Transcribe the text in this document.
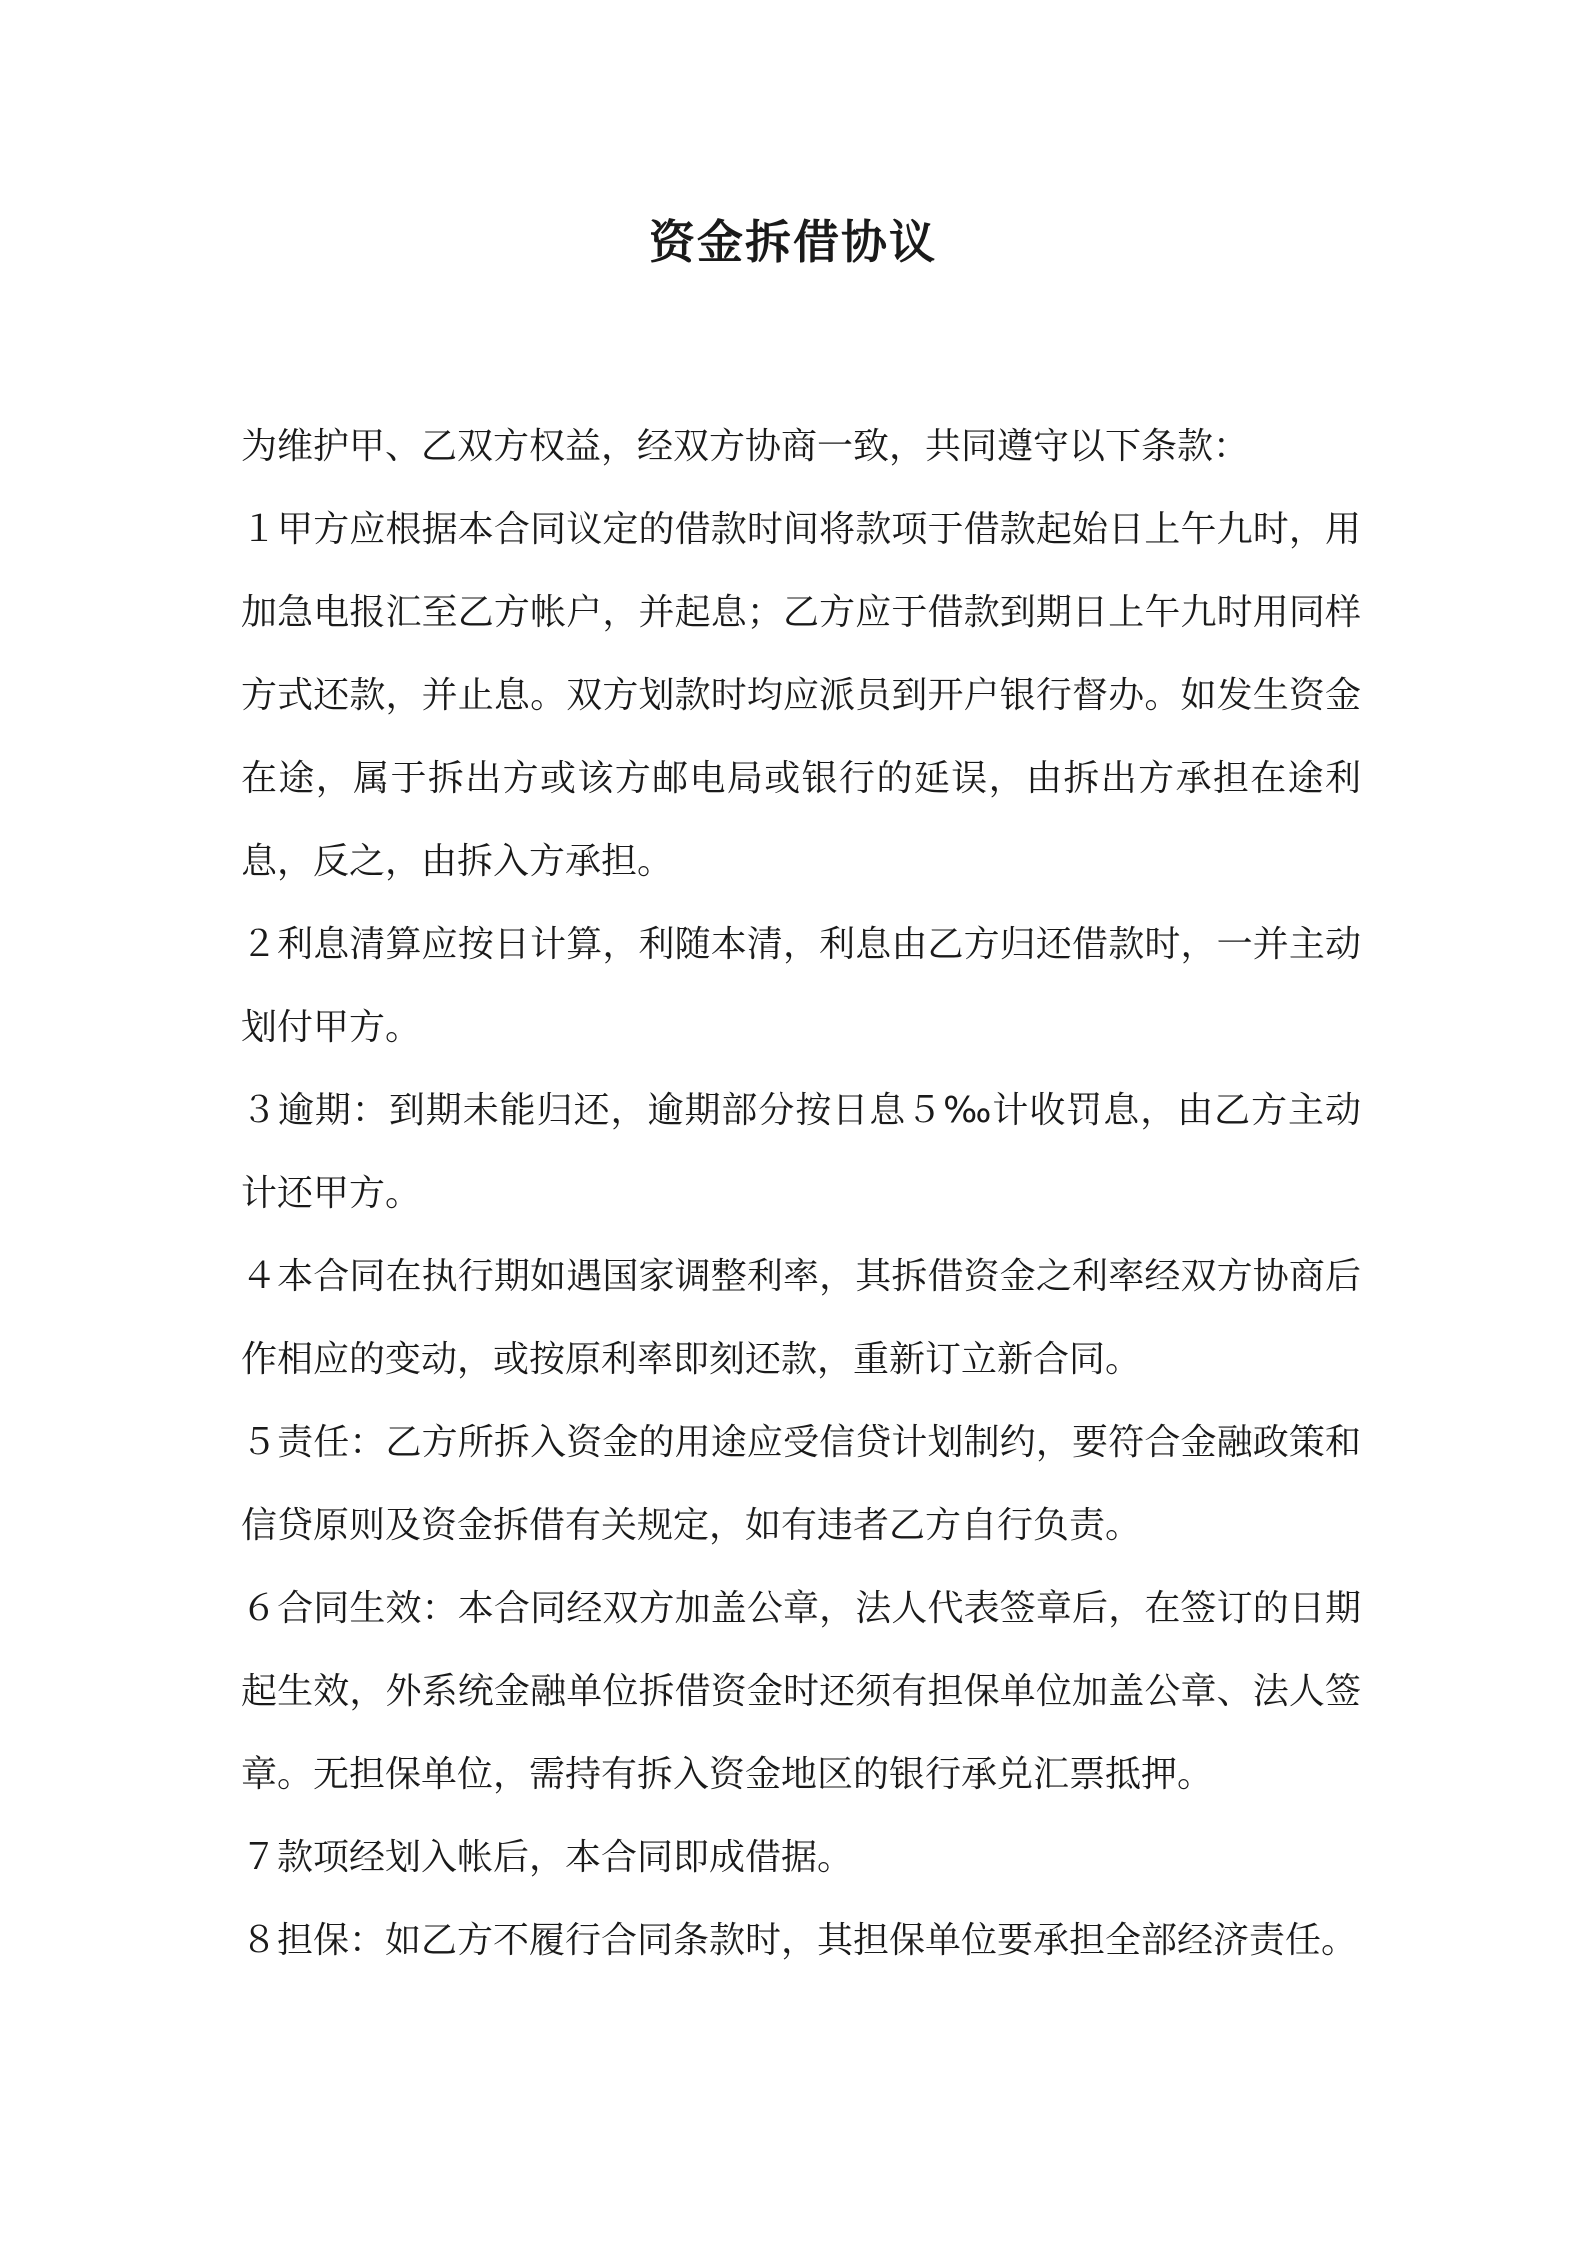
资金拆借协议

为维护甲、乙双方权益，经双方协商一致，共同遵守以下条款：

１甲方应根据本合同议定的借款时间将款项于借款起始日上午九时，用加急电报汇至乙方帐户，并起息；乙方应于借款到期日上午九时用同样方式还款，并止息。双方划款时均应派员到开户银行督办。如发生资金在途，属于拆出方或该方邮电局或银行的延误，由拆出方承担在途利息，反之，由拆入方承担。

２利息清算应按日计算，利随本清，利息由乙方归还借款时，一并主动划付甲方。

３逾期：到期未能归还，逾期部分按日息５‰计收罚息，由乙方主动计还甲方。

４本合同在执行期如遇国家调整利率，其拆借资金之利率经双方协商后作相应的变动，或按原利率即刻还款，重新订立新合同。

５责任：乙方所拆入资金的用途应受信贷计划制约，要符合金融政策和信贷原则及资金拆借有关规定，如有违者乙方自行负责。

６合同生效：本合同经双方加盖公章，法人代表签章后，在签订的日期起生效，外系统金融单位拆借资金时还须有担保单位加盖公章、法人签章。无担保单位，需持有拆入资金地区的银行承兑汇票抵押。

７款项经划入帐后，本合同即成借据。

８担保：如乙方不履行合同条款时，其担保单位要承担全部经济责任。
